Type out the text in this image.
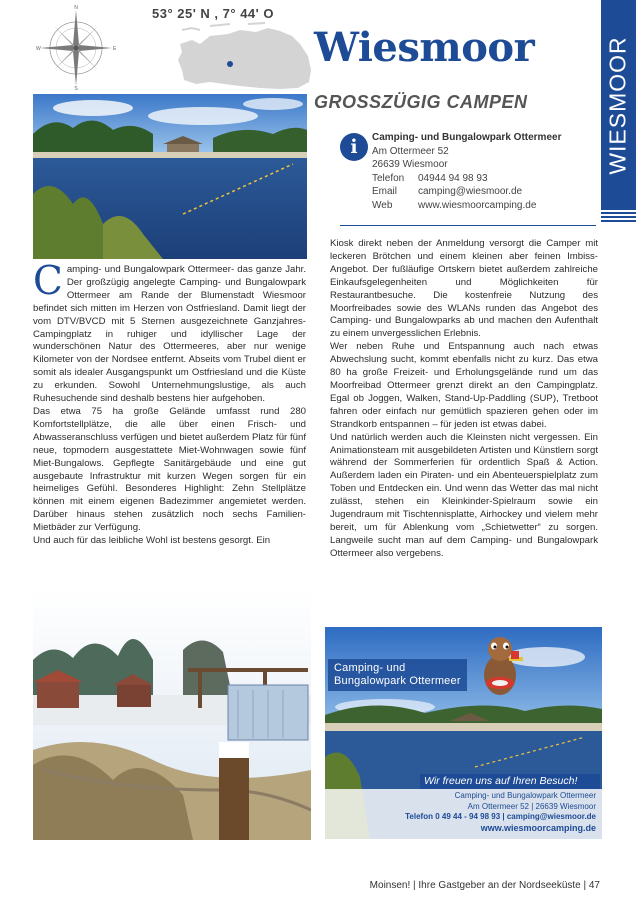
WIESMOOR
N
S
W	E
53° 25' N , 7° 44' O
Wiesmoor
GROSSZÜGIG CAMPEN
i	Camping- und Bungalowpark Ottermeer
Am Ottermeer 52
26639 Wiesmoor
Telefon	04944 94 98 93
Email	camping@wiesmoor.de
Web	www.wiesmoorcamping.de

Camping- und Bungalowpark Ottermeer- das ganze Jahr. Der großzügig angelegte Camping- und Bungalowpark Ottermeer am Rande der Blumenstadt Wiesmoor befindet sich mitten im Herzen von Ostfriesland. Damit liegt der vom DTV/BVCD mit 5 Sternen ausgezeichnete Ganzjahres-Campingplatz in ruhiger und idyllischer Lage der wunderschönen Natur des Ottermeeres, aber nur wenige Kilometer von der Nordsee entfernt. Abseits vom Trubel dient er somit als idealer Ausgangspunkt um Ostfriesland und die Küste zu erkunden. Sowohl Unternehmungslustige, als auch Ruhesuchende sind deshalb bestens hier aufgehoben.

Das etwa 75 ha große Gelände umfasst rund 280 Komfortstellplätze, die alle über einen Frisch- und Abwasseranschluss verfügen und bietet außerdem Platz für fünf neue, topmodern ausgestattete Miet-Wohnwagen sowie fünf Miet-Bungalows. Gepflegte Sanitärgebäude und eine gut ausgebaute Infrastruktur mit kurzen Wegen sorgen für ein heimeliges Gefühl. Besonderes Highlight: Zehn Stellplätze können mit einem eigenen Badezimmer angemietet werden. Darüber hinaus stehen zusätzlich noch sechs Familien-Mietbäder zur Verfügung.

Und auch für das leibliche Wohl ist bestens gesorgt. Ein

Kiosk direkt neben der Anmeldung versorgt die Camper mit leckeren Brötchen und einem kleinen aber feinen Imbiss-Angebot. Der fußläufige Ortskern bietet außerdem zahlreiche Einkaufsgelegenheiten und Möglichkeiten für Restaurantbesuche. Die kostenfreie Nutzung des Moorfreibades sowie des WLANs runden das Angebot des Camping- und Bungalowparks ab und machen den Aufenthalt zu einem unvergesslichen Erlebnis.

Wer neben Ruhe und Entspannung auch nach etwas Abwechslung sucht, kommt ebenfalls nicht zu kurz. Das etwa 80 ha große Freizeit- und Erholungsgelände rund um das Moorfreibad Ottermeer grenzt direkt an den Campingplatz. Egal ob Joggen, Walken, Stand-Up-Paddling (SUP), Tretboot fahren oder einfach nur gemütlich spazieren gehen oder im Strandkorb entspannen – für jeden ist etwas dabei.

Und natürlich werden auch die Kleinsten nicht vergessen. Ein Animationsteam mit ausgebildeten Artisten und Künstlern sorgt während der Sommerferien für ordentlich Spaß & Action. Außerdem laden ein Piraten- und ein Abenteuerspielplatz zum Toben und Entdecken ein. Und wenn das Wetter das mal nicht zulässt, stehen ein Kleinkinder-Spielraum sowie ein Jugendraum mit Tischtennisplatte, Airhockey und vielem mehr bereit, um für Ablenkung vom „Schietwetter“ zu sorgen. Langweile sucht man auf dem Camping- und Bungalowpark Ottermeer also vergebens.

Camping- und
Bungalowpark Ottermeer
Wir freuen uns auf Ihren Besuch!
Camping- und Bungalowpark Ottermeer
Am Ottermeer 52 | 26639 Wiesmoor
Telefon 0 49 44 - 94 98 93 | camping@wiesmoor.de
www.wiesmoorcamping.de
Moinsen! | Ihre Gastgeber an der Nordseeküste | 47
